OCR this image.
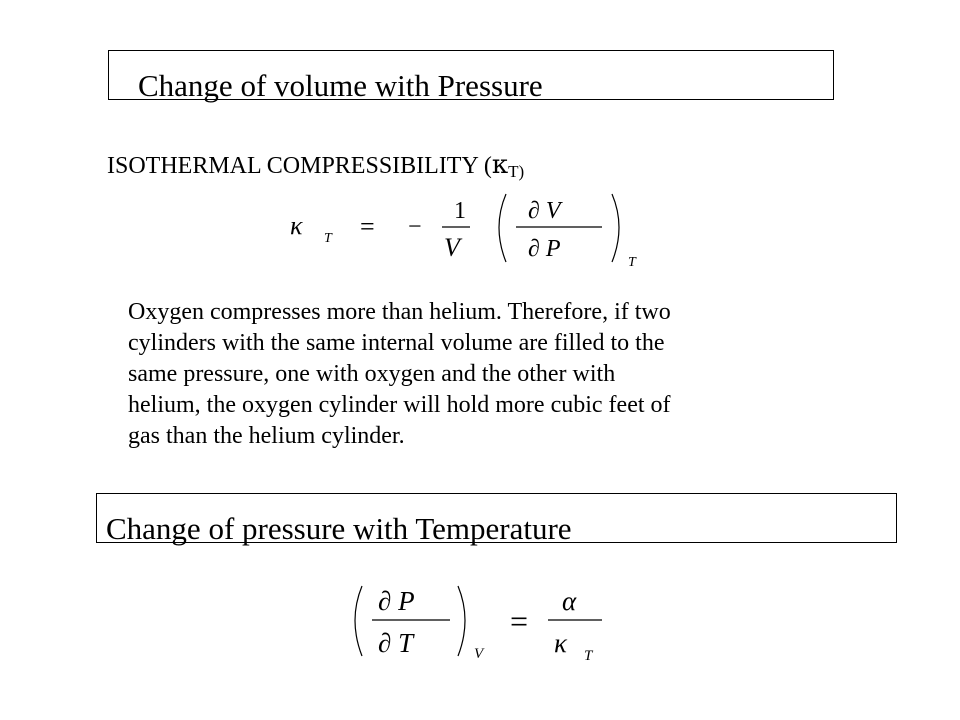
Change of volume with Pressure
ISOTHERMAL COMPRESSIBILITY ($\kappa_{T)}$
κ T = −
1
V
∂ V
∂ P
T
Oxygen compresses more than helium. Therefore, if two
cylinders with the same internal volume are filled to the
same pressure, one with oxygen and the other with
helium, the oxygen cylinder will hold more cubic feet of
gas than the helium cylinder.
Change of pressure with Temperature
∂ P
∂ T	V
=
α
κ T
